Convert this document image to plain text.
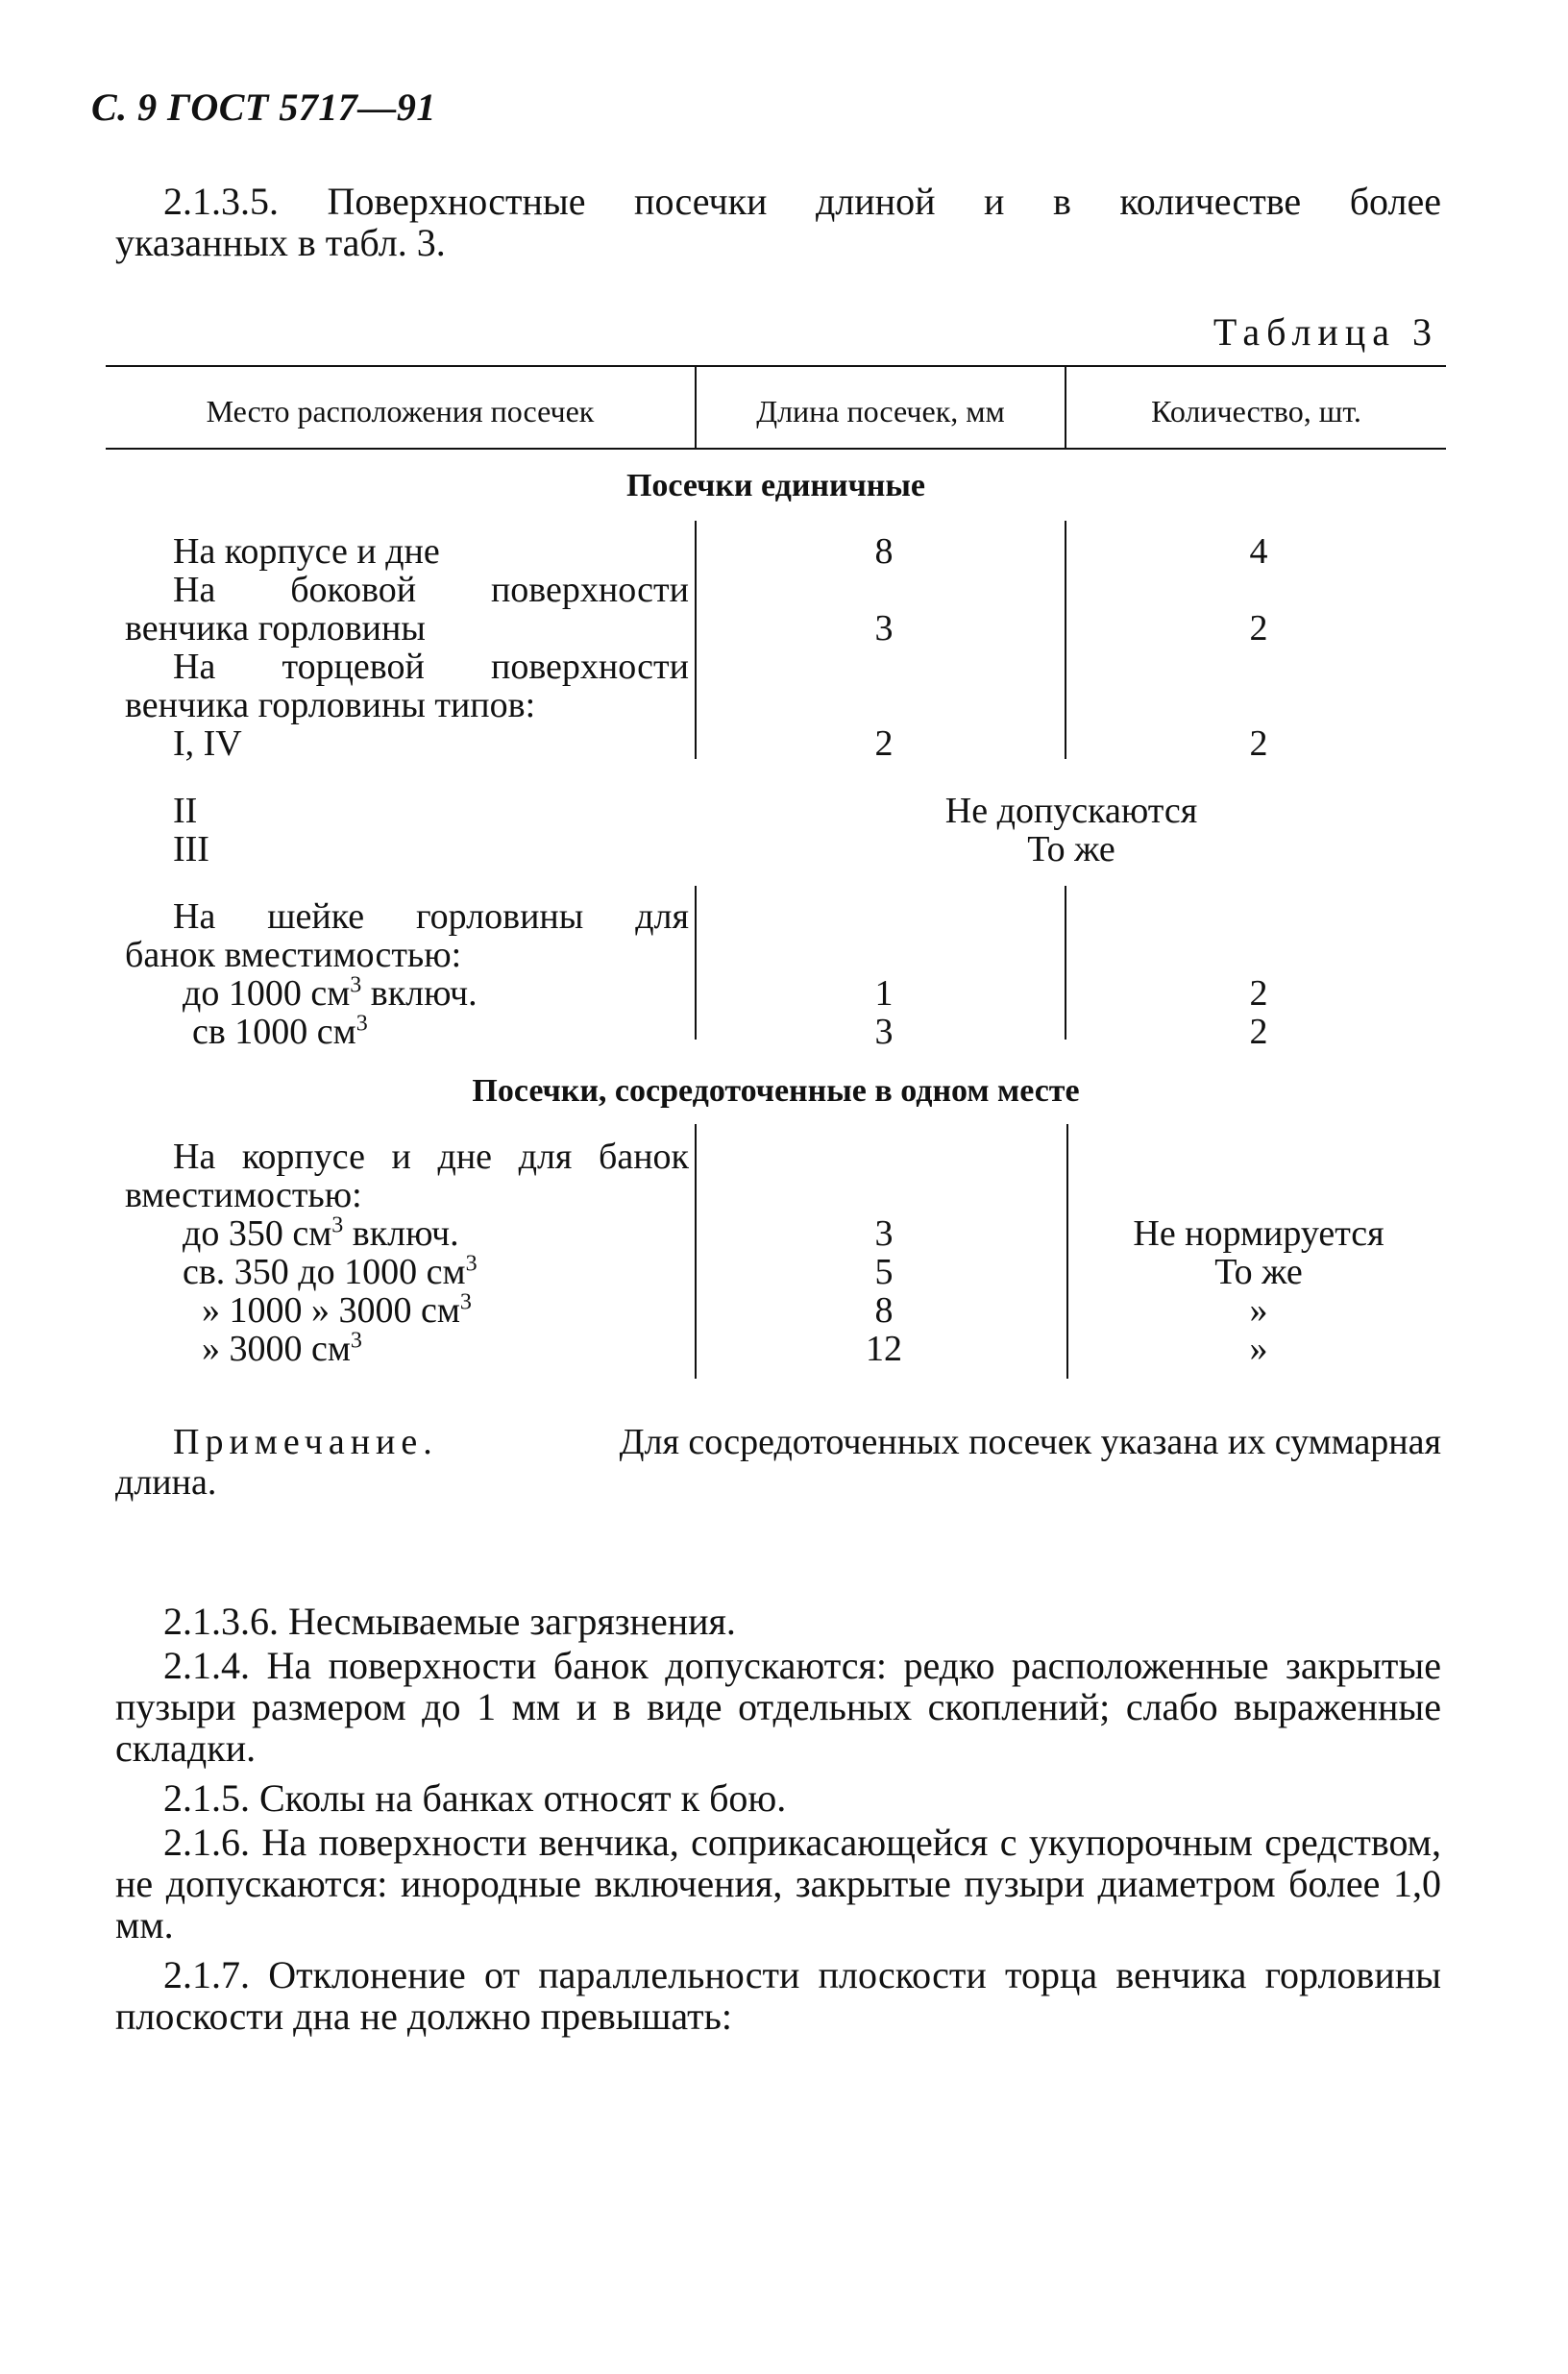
С. 9 ГОСТ 5717—91
2.1.3.5. Поверхностные посечки длиной и в количестве более
указанных в табл. 3.
Таблица 3
Место расположения посечек	Длина посечек, мм	Количество, шт.
Посечки единичные
На корпусе и дне	8	4
На боковой поверхности
венчика горловины	3	2
На торцевой поверхности
венчика горловины типов:
I, IV	2	2
II	Не допускаются
III	То же
На шейке горловины для
банок вместимостью:
до 1000 $см^3$ включ.	1	2
св 1000 $см^3$	3	2
Посечки, сосредоточенные в одном месте
На корпусе и дне для банок
вместимостью:
до 350 $см^3$ включ.	3	Не нормируется
св. 350 до 1000 $см^3$	5	То же
» 1000 » 3000 $см^3$	8	»
» 3000 $см^3$	12	»
Примечание.	Для сосредоточенных посечек указана их суммарная
длина.
2.1.3.6. Несмываемые загрязнения.
2.1.4. На поверхности банок допускаются: редко расположенные закрытые пузыри размером до 1 мм и в виде отдельных скоплений; слабо выраженные складки.
2.1.5. Сколы на банках относят к бою.
2.1.6. На поверхности венчика, соприкасающейся с укупорочным средством, не допускаются: инородные включения, закрытые пузыри диаметром более 1,0 мм.
2.1.7. Отклонение от параллельности плоскости торца венчика горловины плоскости дна не должно превышать:
